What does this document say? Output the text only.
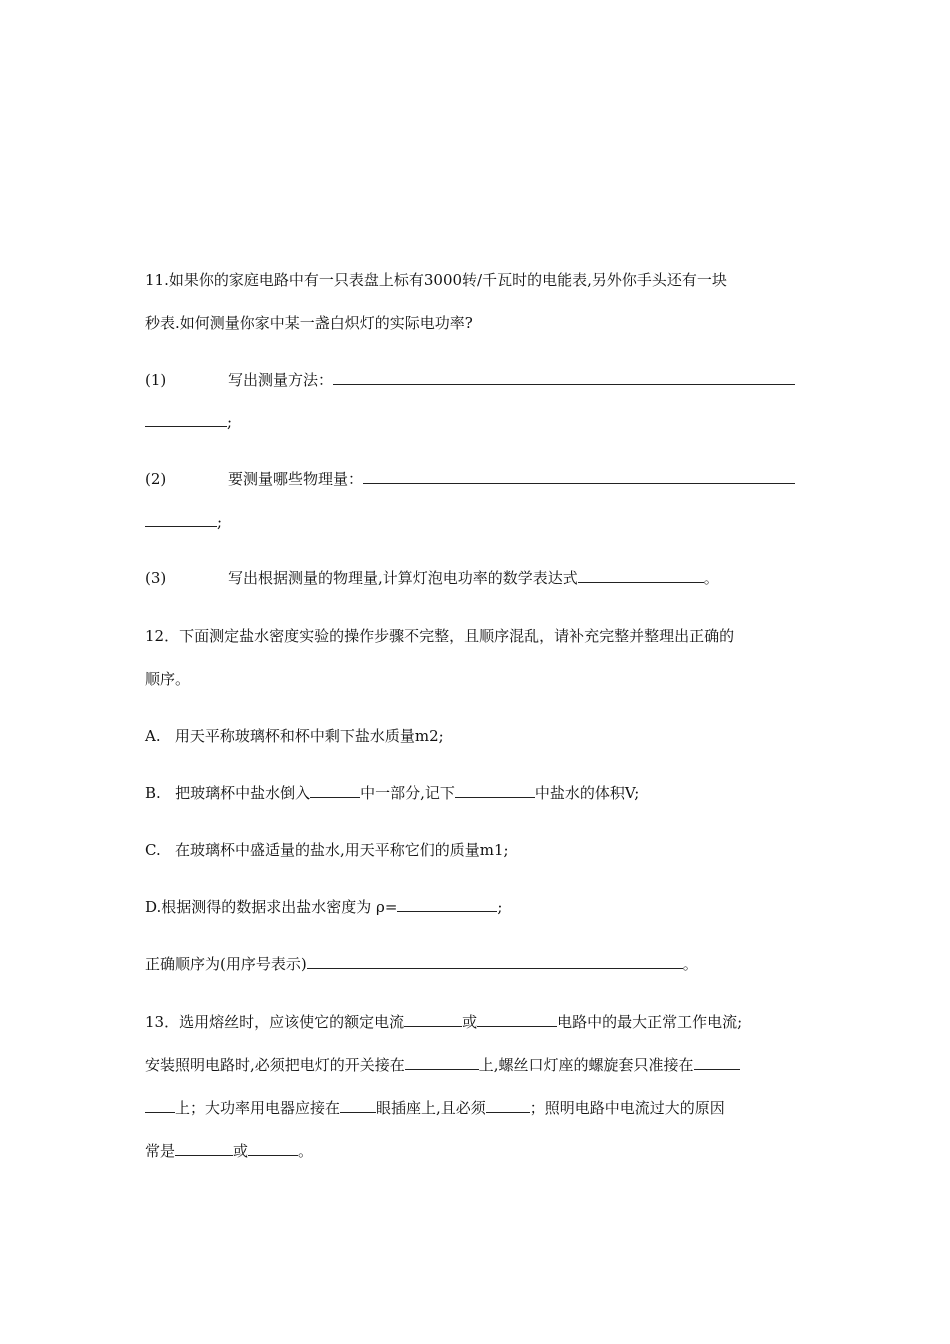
11.如果你的家庭电路中有一只表盘上标有3000转/千瓦时的电能表,另外你手头还有一块
秒表.如何测量你家中某一盏白炽灯的实际电功率?
(1)	写出测量方法：
;
(2)	要测量哪些物理量：
;
(3)	写出根据测量的物理量,计算灯泡电功率的数学表达式	。
12．下面测定盐水密度实验的操作步骤不完整，且顺序混乱，请补充完整并整理出正确的
顺序。
A.   用天平称玻璃杯和杯中剩下盐水质量m2;
B.   把玻璃杯中盐水倒入	中一部分,记下	中盐水的体积V;
C.   在玻璃杯中盛适量的盐水,用天平称它们的质量m1;
D.根据测得的数据求出盐水密度为 ρ=	;
正确顺序为(用序号表示)	。
13．选用熔丝时，应该使它的额定电流	或	电路中的最大正常工作电流;
安装照明电路时,必须把电灯的开关接在	上,螺丝口灯座的螺旋套只准接在
上；大功率用电器应接在 眼插座上,且必须	；照明电路中电流过大的原因
常是	或	。
